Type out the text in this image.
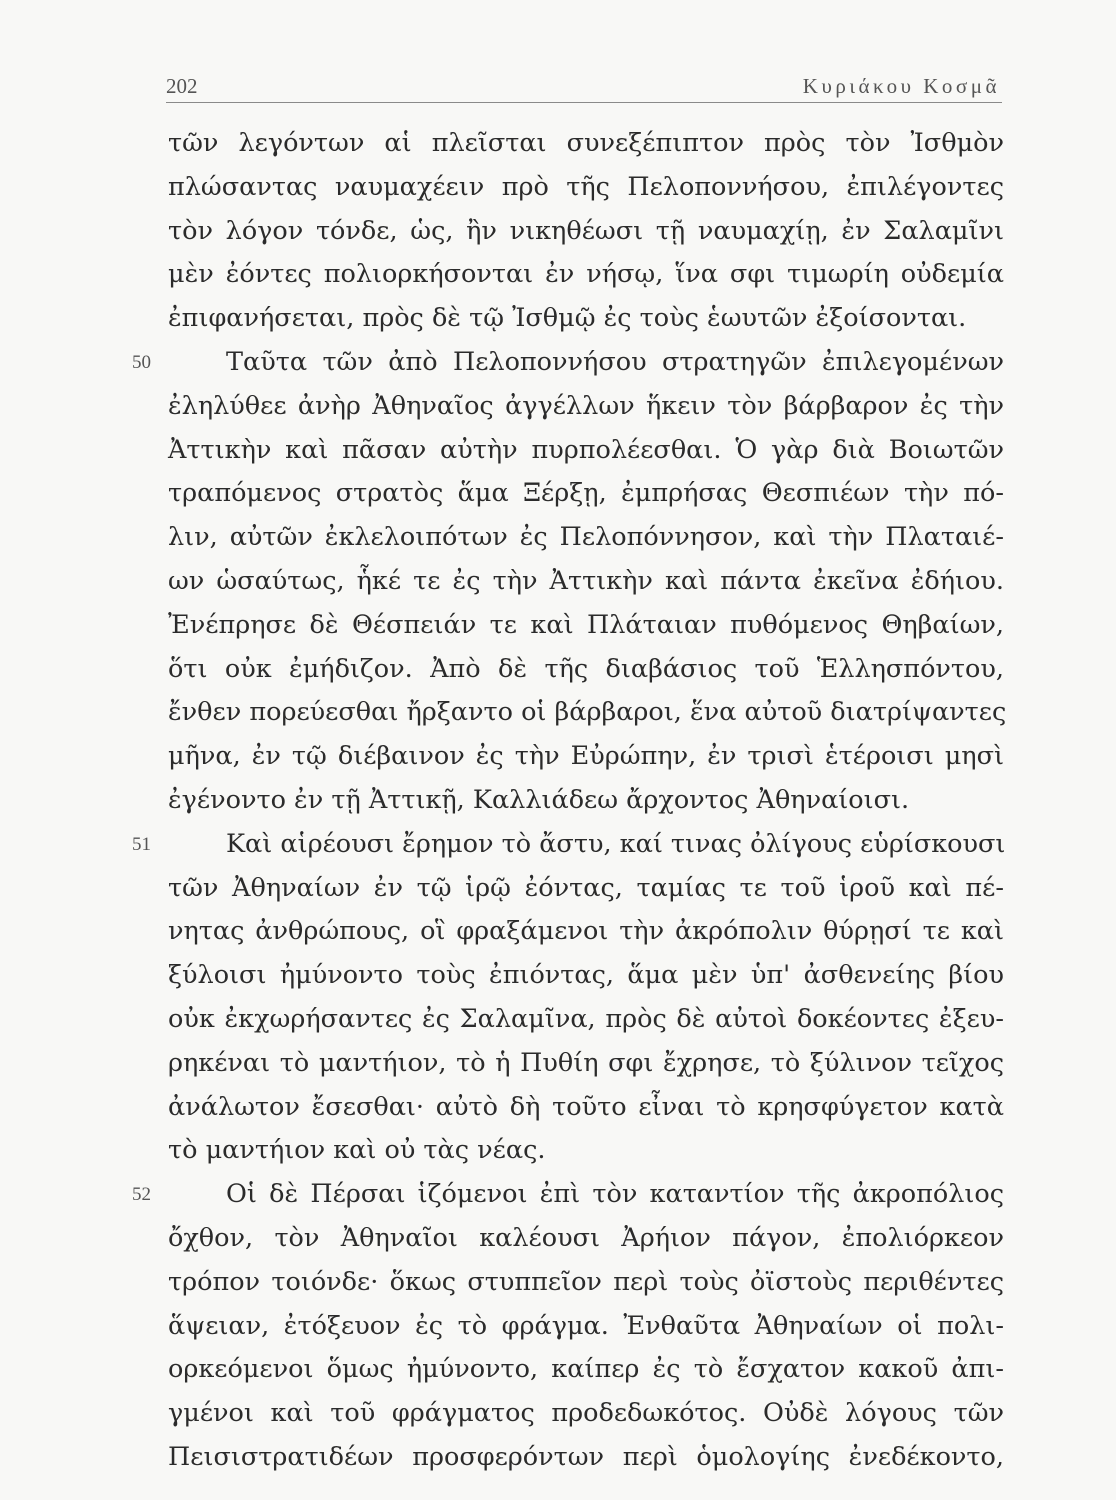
202	Κυριάκου Κοσμᾶ
τῶν λεγόντων αἱ πλεῖσται συνεξέπιπτον πρὸς τὸν Ἰσθμὸν
πλώσαντας ναυμαχέειν πρὸ τῆς Πελοποννήσου, ἐπιλέγοντες
τὸν λόγον τόνδε, ὡς, ἢν νικηθέωσι τῇ ναυμαχίῃ, ἐν Σαλαμῖνι
μὲν ἐόντες πολιορκήσονται ἐν νήσῳ, ἵνα σφι τιμωρίη οὐδεμία
ἐπιφανήσεται, πρὸς δὲ τῷ Ἰσθμῷ ἐς τοὺς ἑωυτῶν ἐξοίσονται.
50	Ταῦτα τῶν ἀπὸ Πελοποννήσου στρατηγῶν ἐπιλεγομένων
ἐληλύθεε ἀνὴρ Ἀθηναῖος ἀγγέλλων ἥκειν τὸν βάρβαρον ἐς τὴν
Ἀττικὴν καὶ πᾶσαν αὐτὴν πυρπολέεσθαι. Ὁ γὰρ διὰ Βοιωτῶν
τραπόμενος στρατὸς ἅμα Ξέρξῃ, ἐμπρήσας Θεσπιέων τὴν πό-
λιν, αὐτῶν ἐκλελοιπότων ἐς Πελοπόννησον, καὶ τὴν Πλαταιέ-
ων ὡσαύτως, ἧκέ τε ἐς τὴν Ἀττικὴν καὶ πάντα ἐκεῖνα ἐδήιου.
Ἐνέπρησε δὲ Θέσπειάν τε καὶ Πλάταιαν πυθόμενος Θηβαίων,
ὅτι οὐκ ἐμήδιζον. Ἀπὸ δὲ τῆς διαβάσιος τοῦ Ἑλλησπόντου,
ἔνθεν πορεύεσθαι ἤρξαντο οἱ βάρβαροι, ἕνα αὐτοῦ διατρίψαντες
μῆνα, ἐν τῷ διέβαινον ἐς τὴν Εὐρώπην, ἐν τρισὶ ἑτέροισι μησὶ
ἐγένοντο ἐν τῇ Ἀττικῇ, Καλλιάδεω ἄρχοντος Ἀθηναίοισι.
51	Καὶ αἱρέουσι ἔρημον τὸ ἄστυ, καί τινας ὀλίγους εὑρίσκουσι
τῶν Ἀθηναίων ἐν τῷ ἱρῷ ἐόντας, ταμίας τε τοῦ ἱροῦ καὶ πέ-
νητας ἀνθρώπους, οἳ φραξάμενοι τὴν ἀκρόπολιν θύρῃσί τε καὶ
ξύλοισι ἠμύνοντο τοὺς ἐπιόντας, ἅμα μὲν ὑπ' ἀσθενείης βίου
οὐκ ἐκχωρήσαντες ἐς Σαλαμῖνα, πρὸς δὲ αὐτοὶ δοκέοντες ἐξευ-
ρηκέναι τὸ μαντήιον, τὸ ἡ Πυθίη σφι ἔχρησε, τὸ ξύλινον τεῖχος
ἀνάλωτον ἔσεσθαι· αὐτὸ δὴ τοῦτο εἶναι τὸ κρησφύγετον κατὰ
τὸ μαντήιον καὶ οὐ τὰς νέας.
52	Οἱ δὲ Πέρσαι ἱζόμενοι ἐπὶ τὸν καταντίον τῆς ἀκροπόλιος
ὄχθον, τὸν Ἀθηναῖοι καλέουσι Ἀρήιον πάγον, ἐπολιόρκεον
τρόπον τοιόνδε· ὅκως στυππεῖον περὶ τοὺς ὀϊστοὺς περιθέντες
ἅψειαν, ἐτόξευον ἐς τὸ φράγμα. Ἐνθαῦτα Ἀθηναίων οἱ πολι-
ορκεόμενοι ὅμως ἠμύνοντο, καίπερ ἐς τὸ ἔσχατον κακοῦ ἀπι-
γμένοι καὶ τοῦ φράγματος προδεδωκότος. Οὐδὲ λόγους τῶν
Πεισιστρατιδέων προσφερόντων περὶ ὁμολογίης ἐνεδέκοντο,
